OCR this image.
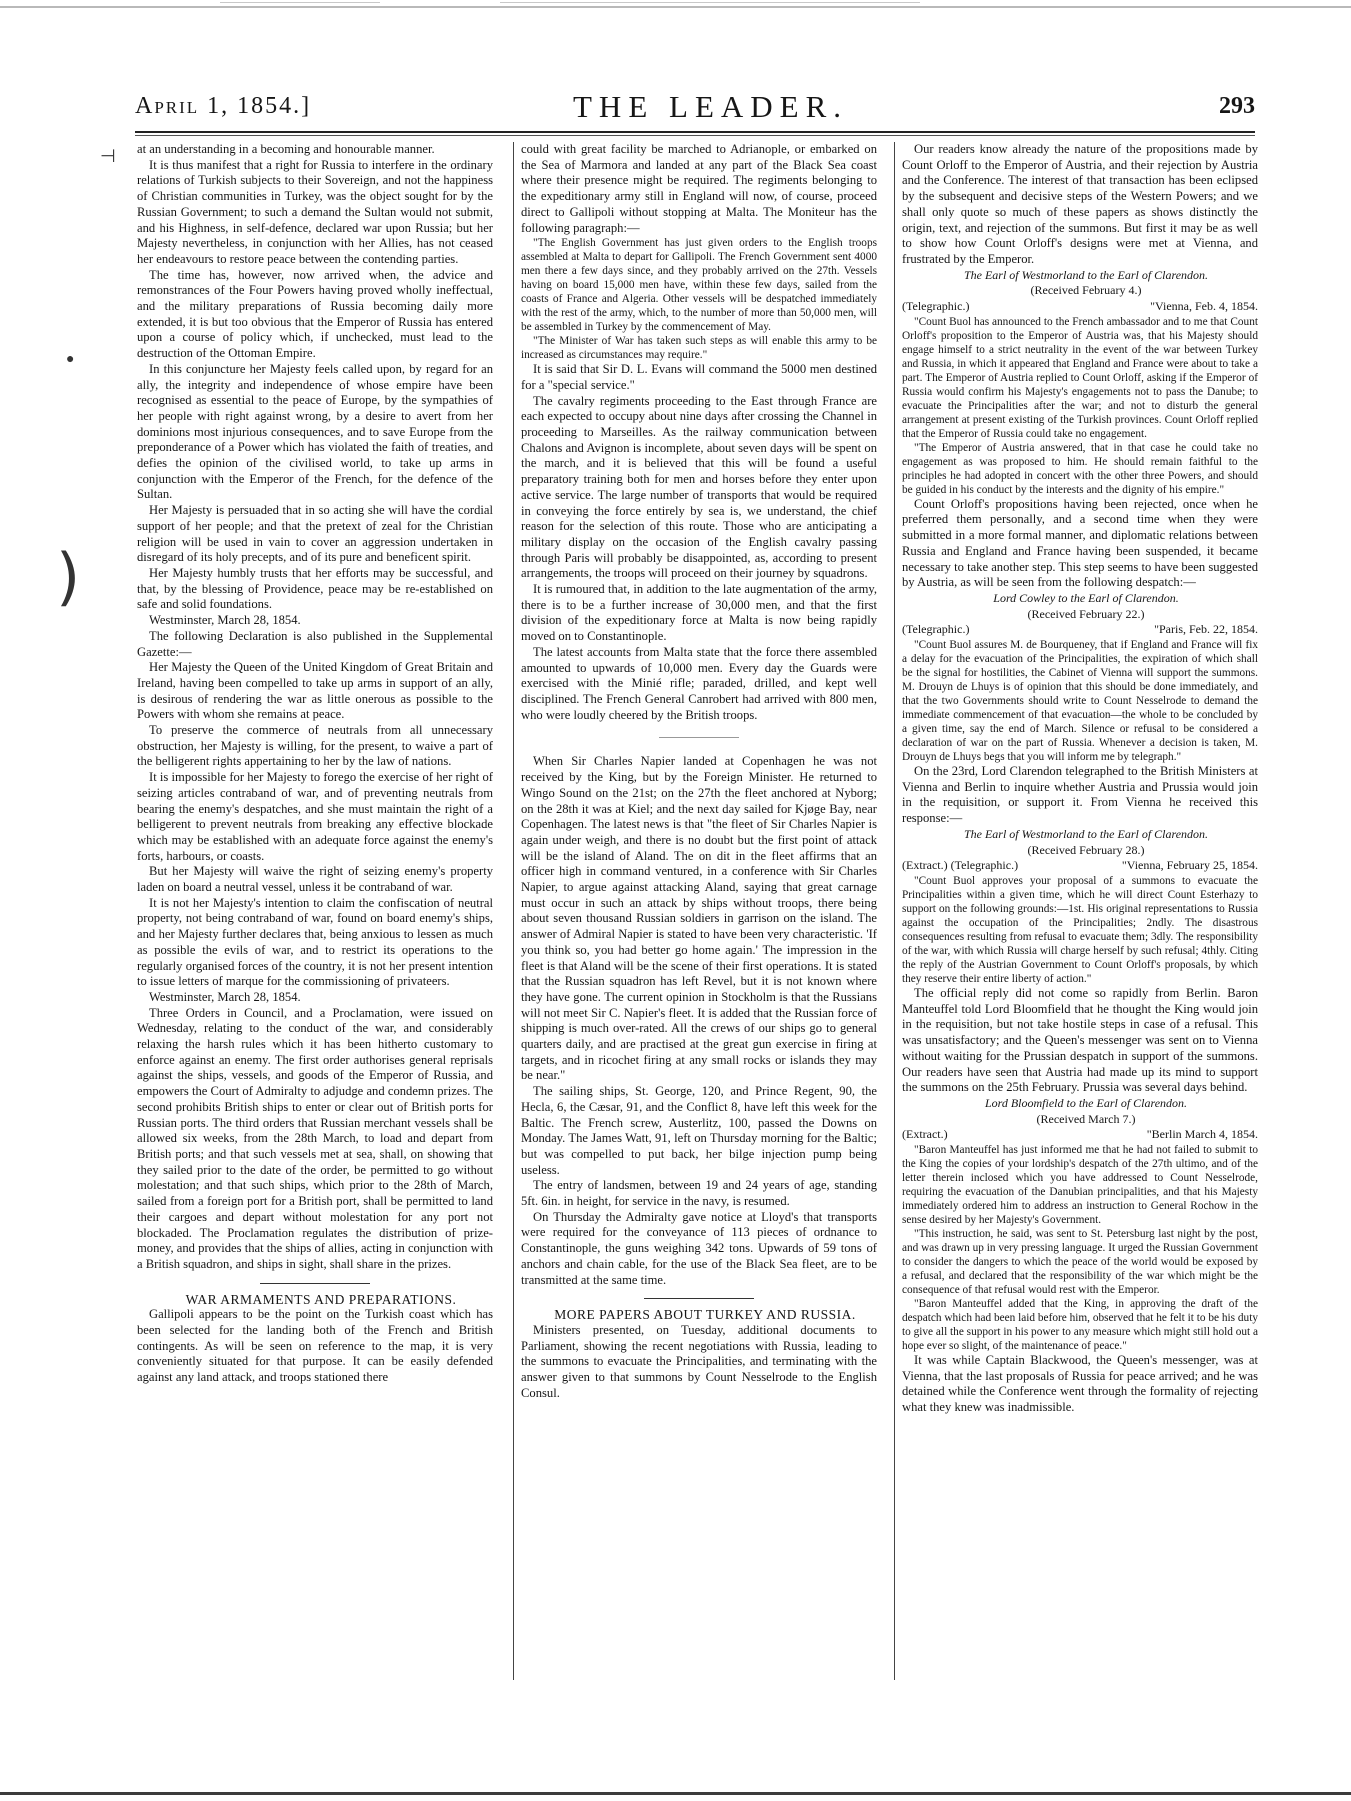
April 1, 1854.]	THE LEADER.	293
⊣
●
)

at an understanding in a becoming and honourable manner.

It is thus manifest that a right for Russia to interfere in the ordinary relations of Turkish subjects to their Sovereign, and not the happiness of Christian communities in Turkey, was the object sought for by the Russian Government; to such a demand the Sultan would not submit, and his Highness, in self-defence, declared war upon Russia; but her Majesty nevertheless, in conjunction with her Allies, has not ceased her endeavours to restore peace between the contending parties.

The time has, however, now arrived when, the advice and remonstrances of the Four Powers having proved wholly ineffectual, and the military preparations of Russia becoming daily more extended, it is but too obvious that the Emperor of Russia has entered upon a course of policy which, if unchecked, must lead to the destruction of the Ottoman Empire.

In this conjuncture her Majesty feels called upon, by regard for an ally, the integrity and independence of whose empire have been recognised as essential to the peace of Europe, by the sympathies of her people with right against wrong, by a desire to avert from her dominions most injurious consequences, and to save Europe from the preponderance of a Power which has violated the faith of treaties, and defies the opinion of the civilised world, to take up arms in conjunction with the Emperor of the French, for the defence of the Sultan.

Her Majesty is persuaded that in so acting she will have the cordial support of her people; and that the pretext of zeal for the Christian religion will be used in vain to cover an aggression undertaken in disregard of its holy precepts, and of its pure and beneficent spirit.

Her Majesty humbly trusts that her efforts may be successful, and that, by the blessing of Providence, peace may be re-established on safe and solid foundations.

Westminster, March 28, 1854.

The following Declaration is also published in the Supplemental Gazette:—

Her Majesty the Queen of the United Kingdom of Great Britain and Ireland, having been compelled to take up arms in support of an ally, is desirous of rendering the war as little onerous as possible to the Powers with whom she remains at peace.

To preserve the commerce of neutrals from all unnecessary obstruction, her Majesty is willing, for the present, to waive a part of the belligerent rights appertaining to her by the law of nations.

It is impossible for her Majesty to forego the exercise of her right of seizing articles contraband of war, and of preventing neutrals from bearing the enemy's despatches, and she must maintain the right of a belligerent to prevent neutrals from breaking any effective blockade which may be established with an adequate force against the enemy's forts, harbours, or coasts.

But her Majesty will waive the right of seizing enemy's property laden on board a neutral vessel, unless it be contraband of war.

It is not her Majesty's intention to claim the confiscation of neutral property, not being contraband of war, found on board enemy's ships, and her Majesty further declares that, being anxious to lessen as much as possible the evils of war, and to restrict its operations to the regularly organised forces of the country, it is not her present intention to issue letters of marque for the commissioning of privateers.

Westminster, March 28, 1854.

Three Orders in Council, and a Proclamation, were issued on Wednesday, relating to the conduct of the war, and considerably relaxing the harsh rules which it has been hitherto customary to enforce against an enemy. The first order authorises general reprisals against the ships, vessels, and goods of the Emperor of Russia, and empowers the Court of Admiralty to adjudge and condemn prizes. The second prohibits British ships to enter or clear out of British ports for Russian ports. The third orders that Russian merchant vessels shall be allowed six weeks, from the 28th March, to load and depart from British ports; and that such vessels met at sea, shall, on showing that they sailed prior to the date of the order, be permitted to go without molestation; and that such ships, which prior to the 28th of March, sailed from a foreign port for a British port, shall be permitted to land their cargoes and depart without molestation for any port not blockaded. The Proclamation regulates the distribution of prize-money, and provides that the ships of allies, acting in conjunction with a British squadron, and ships in sight, shall share in the prizes.

WAR ARMAMENTS AND PREPARATIONS.

Gallipoli appears to be the point on the Turkish coast which has been selected for the landing both of the French and British contingents. As will be seen on reference to the map, it is very conveniently situated for that purpose. It can be easily defended against any land attack, and troops stationed there

could with great facility be marched to Adrianople, or embarked on the Sea of Marmora and landed at any part of the Black Sea coast where their presence might be required. The regiments belonging to the expeditionary army still in England will now, of course, proceed direct to Gallipoli without stopping at Malta. The Moniteur has the following paragraph:—

"The English Government has just given orders to the English troops assembled at Malta to depart for Gallipoli. The French Government sent 4000 men there a few days since, and they probably arrived on the 27th. Vessels having on board 15,000 men have, within these few days, sailed from the coasts of France and Algeria. Other vessels will be despatched immediately with the rest of the army, which, to the number of more than 50,000 men, will be assembled in Turkey by the commencement of May.

"The Minister of War has taken such steps as will enable this army to be increased as circumstances may require."

It is said that Sir D. L. Evans will command the 5000 men destined for a "special service."

The cavalry regiments proceeding to the East through France are each expected to occupy about nine days after crossing the Channel in proceeding to Marseilles. As the railway communication between Chalons and Avignon is incomplete, about seven days will be spent on the march, and it is believed that this will be found a useful preparatory training both for men and horses before they enter upon active service. The large number of transports that would be required in conveying the force entirely by sea is, we understand, the chief reason for the selection of this route. Those who are anticipating a military display on the occasion of the English cavalry passing through Paris will probably be disappointed, as, according to present arrangements, the troops will proceed on their journey by squadrons.

It is rumoured that, in addition to the late augmentation of the army, there is to be a further increase of 30,000 men, and that the first division of the expeditionary force at Malta is now being rapidly moved on to Constantinople.

The latest accounts from Malta state that the force there assembled amounted to upwards of 10,000 men. Every day the Guards were exercised with the Minié rifle; paraded, drilled, and kept well disciplined. The French General Canrobert had arrived with 800 men, who were loudly cheered by the British troops.

When Sir Charles Napier landed at Copenhagen he was not received by the King, but by the Foreign Minister. He returned to Wingo Sound on the 21st; on the 27th the fleet anchored at Nyborg; on the 28th it was at Kiel; and the next day sailed for Kjøge Bay, near Copenhagen. The latest news is that "the fleet of Sir Charles Napier is again under weigh, and there is no doubt but the first point of attack will be the island of Aland. The on dit in the fleet affirms that an officer high in command ventured, in a conference with Sir Charles Napier, to argue against attacking Aland, saying that great carnage must occur in such an attack by ships without troops, there being about seven thousand Russian soldiers in garrison on the island. The answer of Admiral Napier is stated to have been very characteristic. 'If you think so, you had better go home again.' The impression in the fleet is that Aland will be the scene of their first operations. It is stated that the Russian squadron has left Revel, but it is not known where they have gone. The current opinion in Stockholm is that the Russians will not meet Sir C. Napier's fleet. It is added that the Russian force of shipping is much over-rated. All the crews of our ships go to general quarters daily, and are practised at the great gun exercise in firing at targets, and in ricochet firing at any small rocks or islands they may be near."

The sailing ships, St. George, 120, and Prince Regent, 90, the Hecla, 6, the Cæsar, 91, and the Conflict 8, have left this week for the Baltic. The French screw, Austerlitz, 100, passed the Downs on Monday. The James Watt, 91, left on Thursday morning for the Baltic; but was compelled to put back, her bilge injection pump being useless.

The entry of landsmen, between 19 and 24 years of age, standing 5ft. 6in. in height, for service in the navy, is resumed.

On Thursday the Admiralty gave notice at Lloyd's that transports were required for the conveyance of 113 pieces of ordnance to Constantinople, the guns weighing 342 tons. Upwards of 59 tons of anchors and chain cable, for the use of the Black Sea fleet, are to be transmitted at the same time.

MORE PAPERS ABOUT TURKEY AND RUSSIA.

Ministers presented, on Tuesday, additional documents to Parliament, showing the recent negotiations with Russia, leading to the summons to evacuate the Principalities, and terminating with the answer given to that summons by Count Nesselrode to the English Consul.

Our readers know already the nature of the propositions made by Count Orloff to the Emperor of Austria, and their rejection by Austria and the Conference. The interest of that transaction has been eclipsed by the subsequent and decisive steps of the Western Powers; and we shall only quote so much of these papers as shows distinctly the origin, text, and rejection of the summons. But first it may be as well to show how Count Orloff's designs were met at Vienna, and frustrated by the Emperor.

The Earl of Westmorland to the Earl of Clarendon.

(Received February 4.)

(Telegraphic.)	"Vienna, Feb. 4, 1854.

"Count Buol has announced to the French ambassador and to me that Count Orloff's proposition to the Emperor of Austria was, that his Majesty should engage himself to a strict neutrality in the event of the war between Turkey and Russia, in which it appeared that England and France were about to take a part. The Emperor of Austria replied to Count Orloff, asking if the Emperor of Russia would confirm his Majesty's engagements not to pass the Danube; to evacuate the Principalities after the war; and not to disturb the general arrangement at present existing of the Turkish provinces. Count Orloff replied that the Emperor of Russia could take no engagement.

"The Emperor of Austria answered, that in that case he could take no engagement as was proposed to him. He should remain faithful to the principles he had adopted in concert with the other three Powers, and should be guided in his conduct by the interests and the dignity of his empire."

Count Orloff's propositions having been rejected, once when he preferred them personally, and a second time when they were submitted in a more formal manner, and diplomatic relations between Russia and England and France having been suspended, it became necessary to take another step. This step seems to have been suggested by Austria, as will be seen from the following despatch:—

Lord Cowley to the Earl of Clarendon.

(Received February 22.)

(Telegraphic.)	"Paris, Feb. 22, 1854.

"Count Buol assures M. de Bourqueney, that if England and France will fix a delay for the evacuation of the Principalities, the expiration of which shall be the signal for hostilities, the Cabinet of Vienna will support the summons. M. Drouyn de Lhuys is of opinion that this should be done immediately, and that the two Governments should write to Count Nesselrode to demand the immediate commencement of that evacuation—the whole to be concluded by a given time, say the end of March. Silence or refusal to be considered a declaration of war on the part of Russia. Whenever a decision is taken, M. Drouyn de Lhuys begs that you will inform me by telegraph."

On the 23rd, Lord Clarendon telegraphed to the British Ministers at Vienna and Berlin to inquire whether Austria and Prussia would join in the requisition, or support it. From Vienna he received this response:—

The Earl of Westmorland to the Earl of Clarendon.

(Received February 28.)

(Extract.) (Telegraphic.)	"Vienna, February 25, 1854.

"Count Buol approves your proposal of a summons to evacuate the Principalities within a given time, which he will direct Count Esterhazy to support on the following grounds:—1st. His original representations to Russia against the occupation of the Principalities; 2ndly. The disastrous consequences resulting from refusal to evacuate them; 3dly. The responsibility of the war, with which Russia will charge herself by such refusal; 4thly. Citing the reply of the Austrian Government to Count Orloff's proposals, by which they reserve their entire liberty of action."

The official reply did not come so rapidly from Berlin. Baron Manteuffel told Lord Bloomfield that he thought the King would join in the requisition, but not take hostile steps in case of a refusal. This was unsatisfactory; and the Queen's messenger was sent on to Vienna without waiting for the Prussian despatch in support of the summons. Our readers have seen that Austria had made up its mind to support the summons on the 25th February. Prussia was several days behind.

Lord Bloomfield to the Earl of Clarendon.

(Received March 7.)

(Extract.)	"Berlin March 4, 1854.

"Baron Manteuffel has just informed me that he had not failed to submit to the King the copies of your lordship's despatch of the 27th ultimo, and of the letter therein inclosed which you have addressed to Count Nesselrode, requiring the evacuation of the Danubian principalities, and that his Majesty immediately ordered him to address an instruction to General Rochow in the sense desired by her Majesty's Government.

"This instruction, he said, was sent to St. Petersburg last night by the post, and was drawn up in very pressing language. It urged the Russian Government to consider the dangers to which the peace of the world would be exposed by a refusal, and declared that the responsibility of the war which might be the consequence of that refusal would rest with the Emperor.

"Baron Manteuffel added that the King, in approving the draft of the despatch which had been laid before him, observed that he felt it to be his duty to give all the support in his power to any measure which might still hold out a hope ever so slight, of the maintenance of peace."

It was while Captain Blackwood, the Queen's messenger, was at Vienna, that the last proposals of Russia for peace arrived; and he was detained while the Conference went through the formality of rejecting what they knew was inadmissible.
